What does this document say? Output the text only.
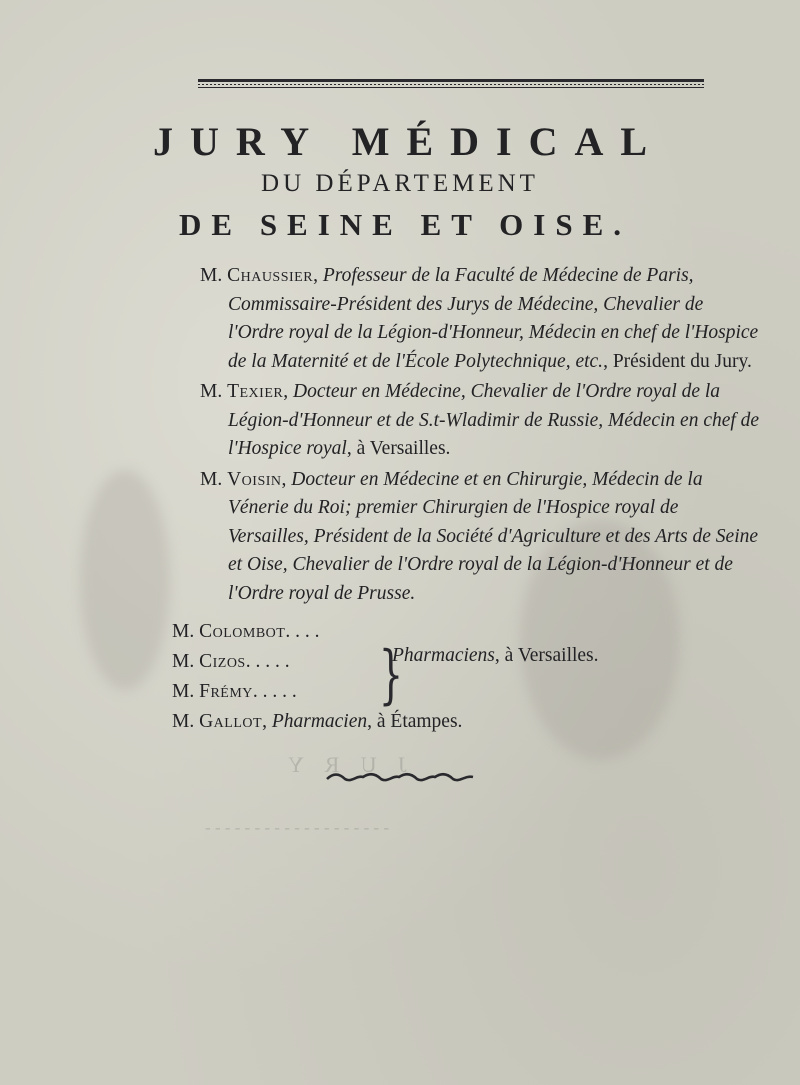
JURY MÉDICAL
DU DÉPARTEMENT
DE SEINE ET OISE.
M. Chaussier, Professeur de la Faculté de Médecine de Paris, Commissaire-Président des Jurys de Médecine, Chevalier de l'Ordre royal de la Légion-d'Honneur, Médecin en chef de l'Hospice de la Maternité et de l'École Polytechnique, etc., Président du Jury.
M. Texier, Docteur en Médecine, Chevalier de l'Ordre royal de la Légion-d'Honneur et de S.t-Wladimir de Russie, Médecin en chef de l'Hospice royal, à Versailles.
M. Voisin, Docteur en Médecine et en Chirurgie, Médecin de la Vénerie du Roi; premier Chirurgien de l'Hospice royal de Versailles, Président de la Société d'Agriculture et des Arts de Seine et Oise, Chevalier de l'Ordre royal de la Légion-d'Honneur et de l'Ordre royal de Prusse.
M. Colombot. . . .
M. Cizos. . . . .
M. Frémy. . . . .
M. Gallot, Pharmacien, à Étampes.
}
Pharmaciens, à Versailles.
J U R Y
- - - - - - - - - - - - - - - - - - -
